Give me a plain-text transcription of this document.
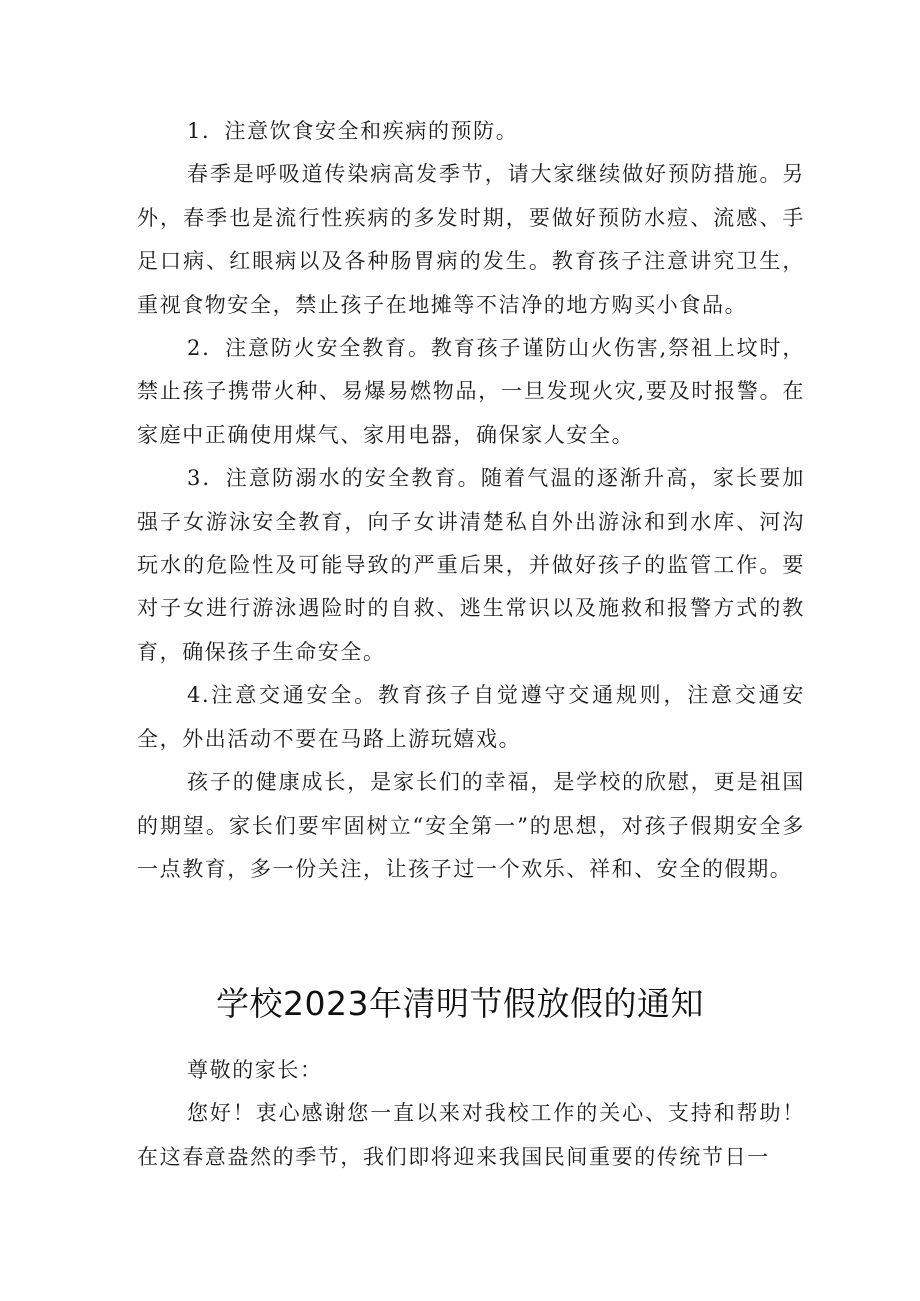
1．注意饮食安全和疾病的预防。

春季是呼吸道传染病高发季节，请大家继续做好预防措施。另外，春季也是流行性疾病的多发时期，要做好预防水痘、流感、手足口病、红眼病以及各种肠胃病的发生。教育孩子注意讲究卫生，重视食物安全，禁止孩子在地摊等不洁净的地方购买小食品。

2．注意防火安全教育。教育孩子谨防山火伤害,祭祖上坟时，禁止孩子携带火种、易爆易燃物品，一旦发现火灾,要及时报警。在家庭中正确使用煤气、家用电器，确保家人安全。

3．注意防溺水的安全教育。随着气温的逐渐升高，家长要加强子女游泳安全教育，向子女讲清楚私自外出游泳和到水库、河沟玩水的危险性及可能导致的严重后果，并做好孩子的监管工作。要对子女进行游泳遇险时的自救、逃生常识以及施救和报警方式的教育，确保孩子生命安全。

4.注意交通安全。教育孩子自觉遵守交通规则，注意交通安全，外出活动不要在马路上游玩嬉戏。

孩子的健康成长，是家长们的幸福，是学校的欣慰，更是祖国的期望。家长们要牢固树立“安全第一”的思想，对孩子假期安全多一点教育，多一份关注，让孩子过一个欢乐、祥和、安全的假期。

学校2023年清明节假放假的通知

尊敬的家长：

您好！衷心感谢您一直以来对我校工作的关心、支持和帮助！在这春意盎然的季节，我们即将迎来我国民间重要的传统节日一
